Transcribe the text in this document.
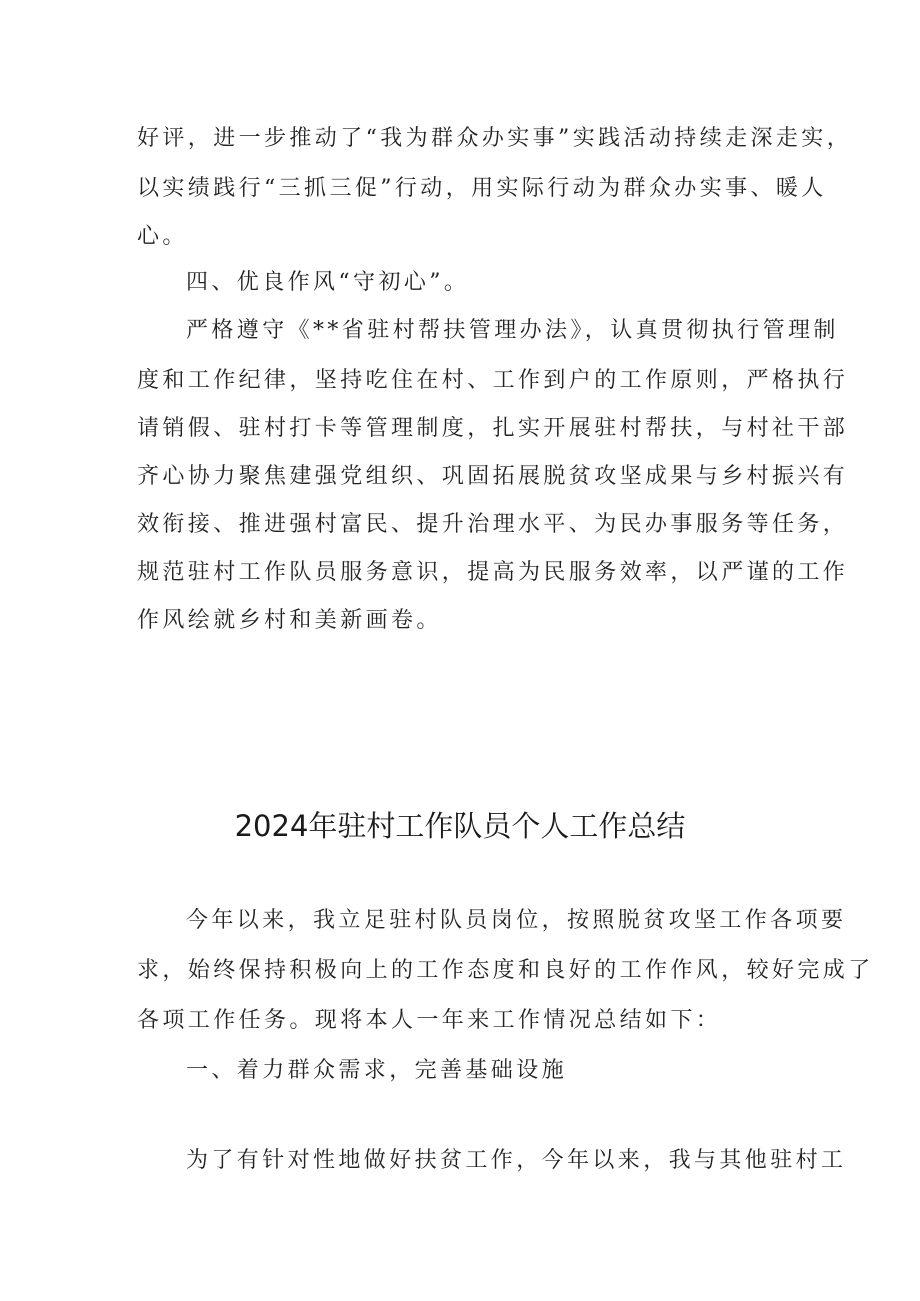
好评，进一步推动了“我为群众办实事”实践活动持续走深走实，
以实绩践行“三抓三促”行动，用实际行动为群众办实事、暖人
心。
四、优良作风“守初心”。
严格遵守《**省驻村帮扶管理办法》，认真贯彻执行管理制
度和工作纪律，坚持吃住在村、工作到户的工作原则，严格执行
请销假、驻村打卡等管理制度，扎实开展驻村帮扶，与村社干部
齐心协力聚焦建强党组织、巩固拓展脱贫攻坚成果与乡村振兴有
效衔接、推进强村富民、提升治理水平、为民办事服务等任务，
规范驻村工作队员服务意识，提高为民服务效率，以严谨的工作
作风绘就乡村和美新画卷。
2024年驻村工作队员个人工作总结
今年以来，我立足驻村队员岗位，按照脱贫攻坚工作各项要
求，始终保持积极向上的工作态度和良好的工作作风，较好完成了
各项工作任务。现将本人一年来工作情况总结如下：
一、着力群众需求，完善基础设施
为了有针对性地做好扶贫工作，今年以来，我与其他驻村工
